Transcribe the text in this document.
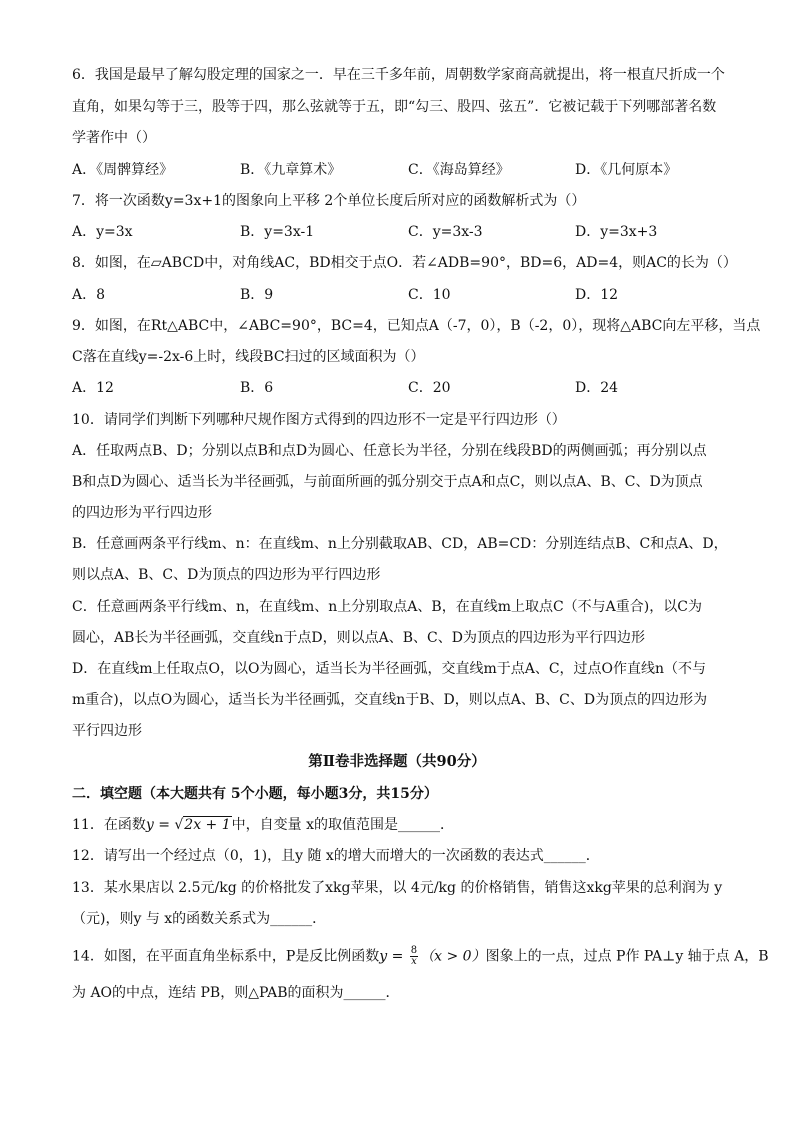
6．我国是最早了解勾股定理的国家之一．早在三千多年前，周朝数学家商高就提出，将一根直尺折成一个
直角，如果勾等于三，股等于四，那么弦就等于五，即“勾三、股四、弦五”．它被记载于下列哪部著名数
学著作中（）
A．《周髀算经》	B．《九章算术》	C．《海岛算经》	D．《几何原本》
7．将一次函数y=3x+1的图象向上平移 2个单位长度后所对应的函数解析式为（）
A．y=3x	B．y=3x-1	C．y=3x-3	D．y=3x+3
8．如图，在▱ABCD中，对角线AC，BD相交于点O．若∠ADB=90°，BD=6，AD=4，则AC的长为（）
A．8	B．9	C．10	D．12
9．如图，在Rt△ABC中，∠ABC=90°，BC=4，已知点A（-7，0），B（-2，0），现将△ABC向左平移，当点
C落在直线y=-2x-6上时，线段BC扫过的区域面积为（）
A．12	B．6	C．20	D．24
10．请同学们判断下列哪种尺规作图方式得到的四边形不一定是平行四边形（）
A．任取两点B、D；分别以点B和点D为圆心、任意长为半径，分别在线段BD的两侧画弧；再分别以点
B和点D为圆心、适当长为半径画弧，与前面所画的弧分别交于点A和点C，则以点A、B、C、D为顶点
的四边形为平行四边形
B．任意画两条平行线m、n：在直线m、n上分别截取AB、CD，AB=CD：分别连结点B、C和点A、D，
则以点A、B、C、D为顶点的四边形为平行四边形
C．任意画两条平行线m、n，在直线m、n上分别取点A、B，在直线m上取点C（不与A重合)，以C为
圆心，AB长为半径画弧，交直线n于点D，则以点A、B、C、D为顶点的四边形为平行四边形
D．在直线m上任取点O，以O为圆心，适当长为半径画弧，交直线m于点A、C，过点O作直线n（不与
m重合)，以点O为圆心，适当长为半径画弧，交直线n于B、D，则以点A、B、C、D为顶点的四边形为
平行四边形
第Ⅱ卷非选择题（共90分）
二．填空题（本大题共有 5个小题，每小题3分，共15分）
11．在函数y = √2x + 1中，自变量 x的取值范围是______．
12．请写出一个经过点（0，1)，且y 随 x的增大而增大的一次函数的表达式______．
13．某水果店以 2.5元/kg 的价格批发了xkg苹果，以 4元/kg 的价格销售，销售这xkg苹果的总利润为 y
（元)，则y 与 x的函数关系式为______．
14．如图，在平面直角坐标系中，P是反比例函数$y = \frac{8}{x} (x > 0)$图象上的一点，过点 P作 PA⊥y 轴于点 A，B
为 AO的中点，连结 PB，则△PAB的面积为______．
